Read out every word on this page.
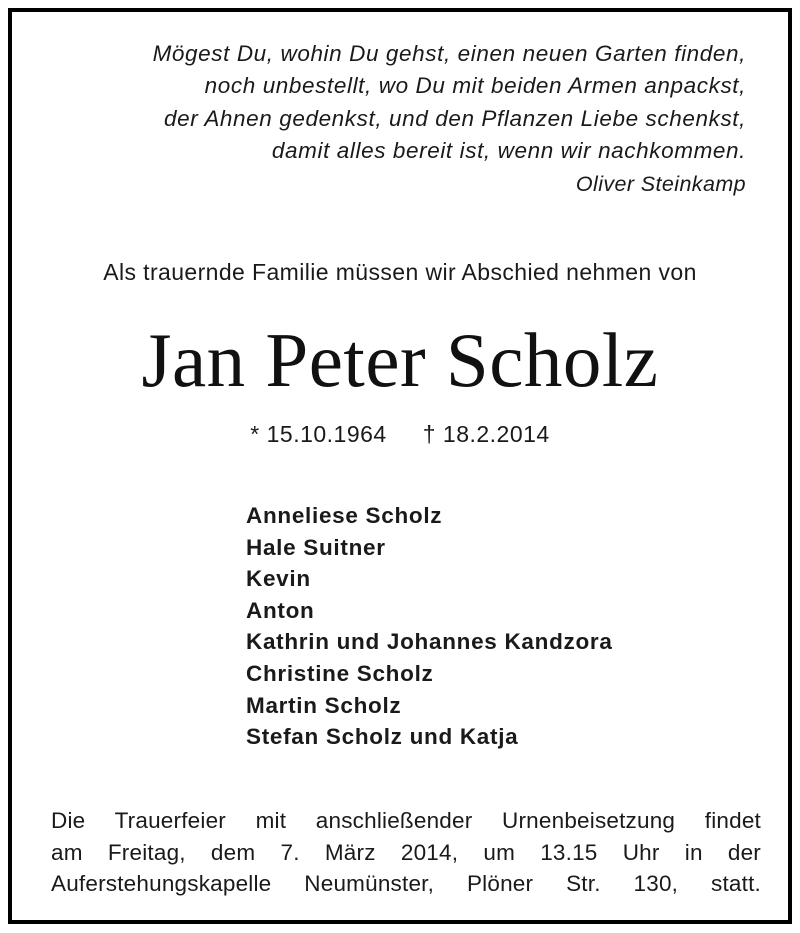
Mögest Du, wohin Du gehst, einen neuen Garten finden,
noch unbestellt, wo Du mit beiden Armen anpackst,
der Ahnen gedenkst, und den Pflanzen Liebe schenkst,
damit alles bereit ist, wenn wir nachkommen.
Oliver Steinkamp
Als trauernde Familie müssen wir Abschied nehmen von
Jan Peter Scholz
* 15.10.1964 † 18.2.2014
Anneliese Scholz
Hale Suitner
Kevin
Anton
Kathrin und Johannes Kandzora
Christine Scholz
Martin Scholz
Stefan Scholz und Katja
Die Trauerfeier mit anschließender Urnenbeisetzung findet
am Freitag, dem 7. März 2014, um 13.15 Uhr in der
Auferstehungskapelle Neumünster, Plöner Str. 130, statt.
